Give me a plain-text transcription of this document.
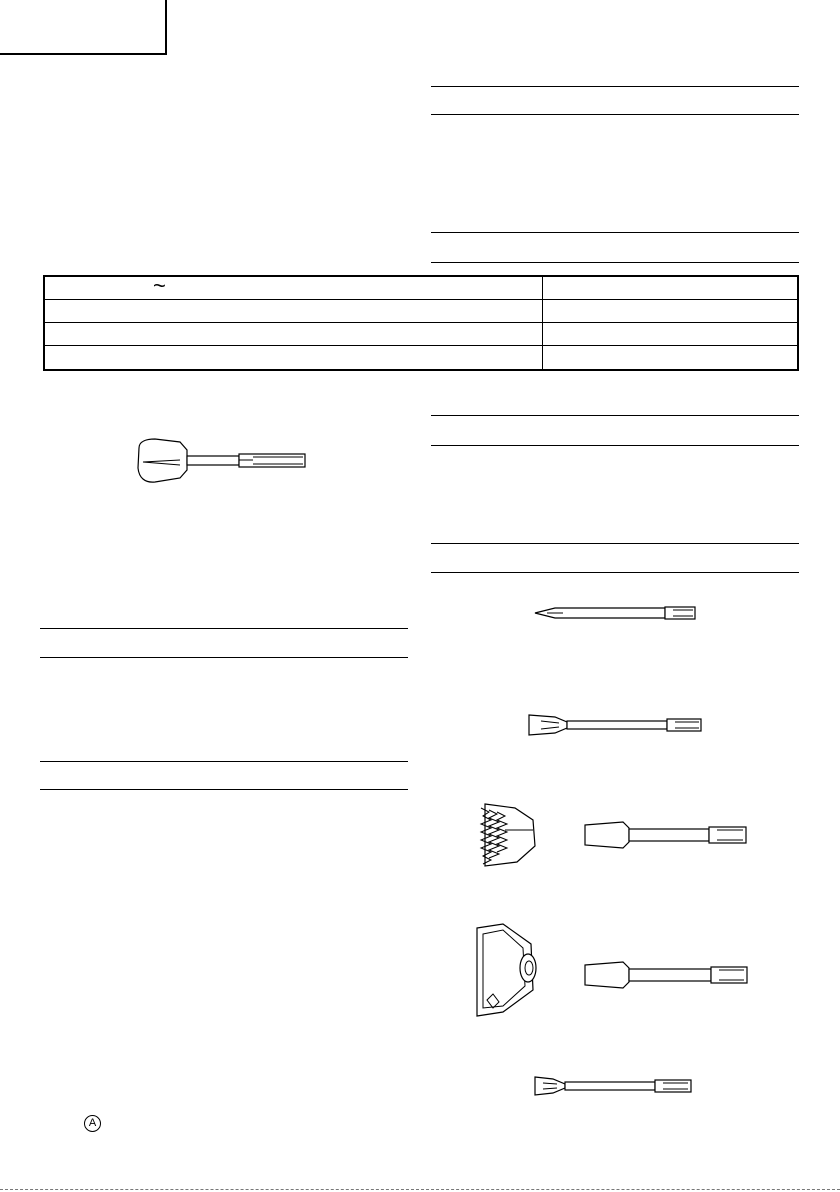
~
A
